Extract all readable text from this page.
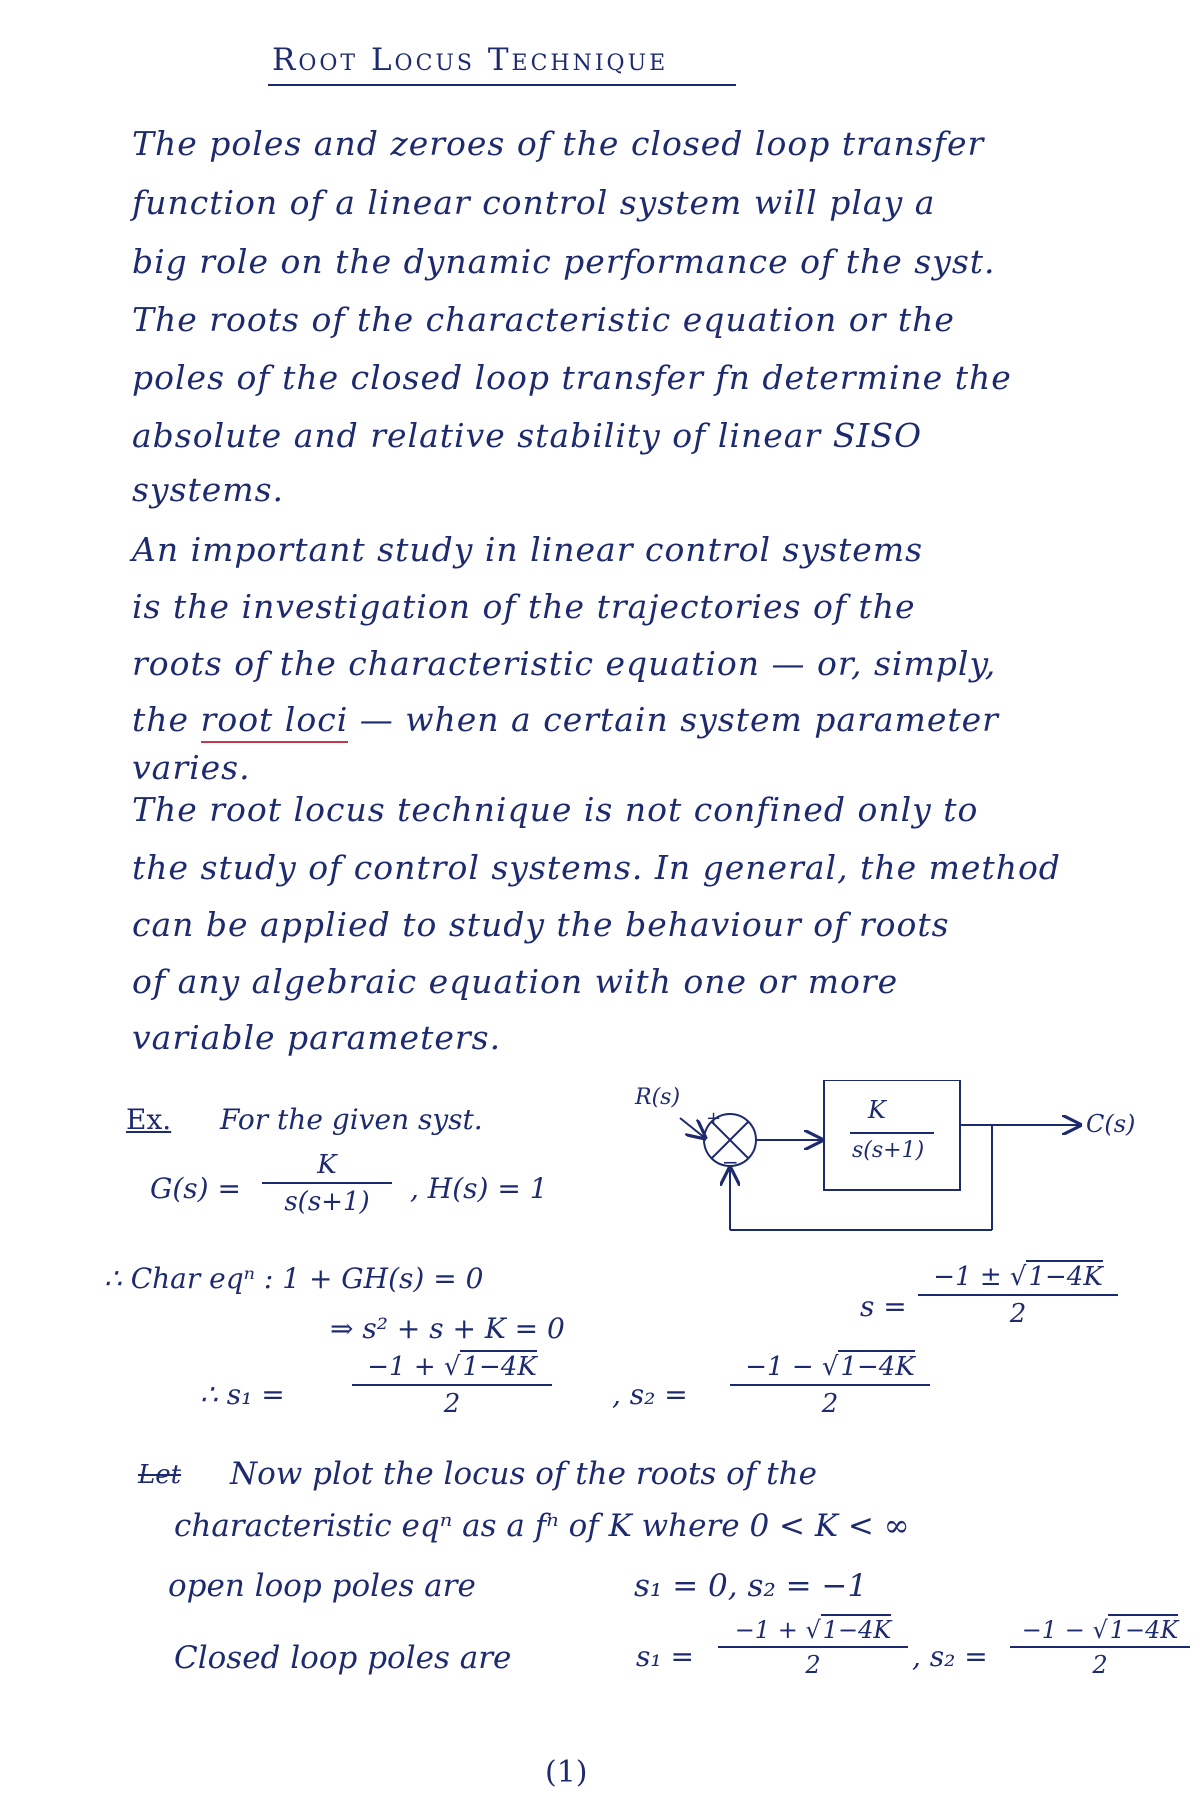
Root Locus Technique
The poles and zeroes of the closed loop transfer
function of a linear control system will play a
big role on the dynamic performance of the syst.
The roots of the characteristic equation or the
poles of the closed loop transfer fn determine the
absolute and relative stability of linear SISO
systems.
An important study in linear control systems
is the investigation of the trajectories of the
roots of the characteristic equation — or, simply,
the root loci — when a certain system parameter
varies.
The root locus technique is not confined only to
the study of control systems. In general, the method
can be applied to study the behaviour of roots
of any algebraic equation with one or more
variable parameters.
Ex. For the given syst.
$G(s) = \frac{K}{s(s+1)}$ , H(s) = 1
R(s)
+
−
K
s(s+1)
C(s)
∴ Char eqⁿ : 1 + GH(s) = 0
⇒ s² + s + K = 0
$s = \frac{-1 \pm √1-4K}{2}$
∴ s₁ =	$\frac{-1 + √1-4K}{2}$ , $s_2 = \frac{-1 - √1-4K}{2}$
Let Now plot the locus of the roots of the
characteristic eqⁿ as a fⁿ of K where 0 < K < ∞
open loop poles are	s₁ = 0, s₂ = −1
Closed loop poles are	$s_1 = \frac{-1 + √1-4K}{2}$ , $s_2 = \frac{-1 - √1-4K}{2}$
(1)
